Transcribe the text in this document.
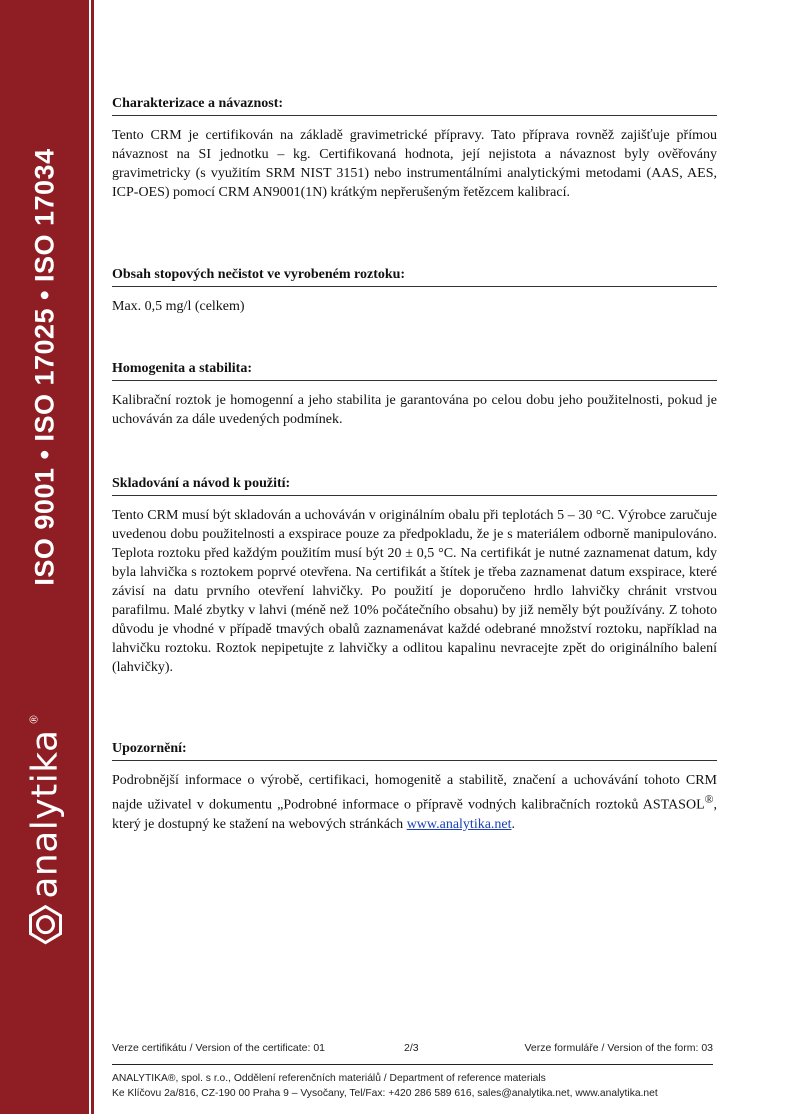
ISO 9001 • ISO 17025 • ISO 17034
analytika
®
Charakterizace a návaznost:

Tento CRM je certifikován na základě gravimetrické přípravy. Tato příprava rovněž zajišťuje přímou návaznost na SI jednotku – kg. Certifikovaná hodnota, její nejistota a návaznost byly ověřovány gravimetricky (s využitím SRM NIST 3151) nebo instrumentálními analytickými metodami (AAS, AES, ICP-OES) pomocí CRM AN9001(1N) krátkým nepřerušeným řetězcem kalibrací.

Obsah stopových nečistot ve vyrobeném roztoku:

Max. 0,5 mg/l (celkem)

Homogenita a stabilita:

Kalibrační roztok je homogenní a jeho stabilita je garantována po celou dobu jeho použitelnosti, pokud je uchováván za dále uvedených podmínek.

Skladování a návod k použití:

Tento CRM musí být skladován a uchováván v originálním obalu při teplotách 5 – 30 °C. Výrobce zaručuje uvedenou dobu použitelnosti a exspirace pouze za předpokladu, že je s materiálem odborně manipulováno. Teplota roztoku před každým použitím musí být 20 ± 0,5 °C. Na certifikát je nutné zaznamenat datum, kdy byla lahvička s roztokem poprvé otevřena. Na certifikát a štítek je třeba zaznamenat datum exspirace, které závisí na datu prvního otevření lahvičky. Po použití je doporučeno hrdlo lahvičky chránit vrstvou parafilmu. Malé zbytky v lahvi (méně než 10% počátečního obsahu) by již neměly být používány. Z tohoto důvodu je vhodné v případě tmavých obalů zaznamenávat každé odebrané množství roztoku, například na lahvičku roztoku. Roztok nepipetujte z lahvičky a odlitou kapalinu nevracejte zpět do originálního balení (lahvičky).

Upozornění:

Podrobnější informace o výrobě, certifikaci, homogenitě a stabilitě, značení a uchovávání tohoto CRM najde uživatel v dokumentu „Podrobné informace o přípravě vodných kalibračních roztoků ASTASOL®, který je dostupný ke stažení na webových stránkách www.analytika.net.

Verze certifikátu / Version of the certificate: 01	2/3	Verze formuláře / Version of the form: 03
ANALYTIKA®, spol. s r.o., Oddělení referenčních materiálů / Department of reference materials
Ke Klíčovu 2a/816, CZ-190 00 Praha 9 – Vysočany, Tel/Fax: +420 286 589 616, sales@analytika.net, www.analytika.net
